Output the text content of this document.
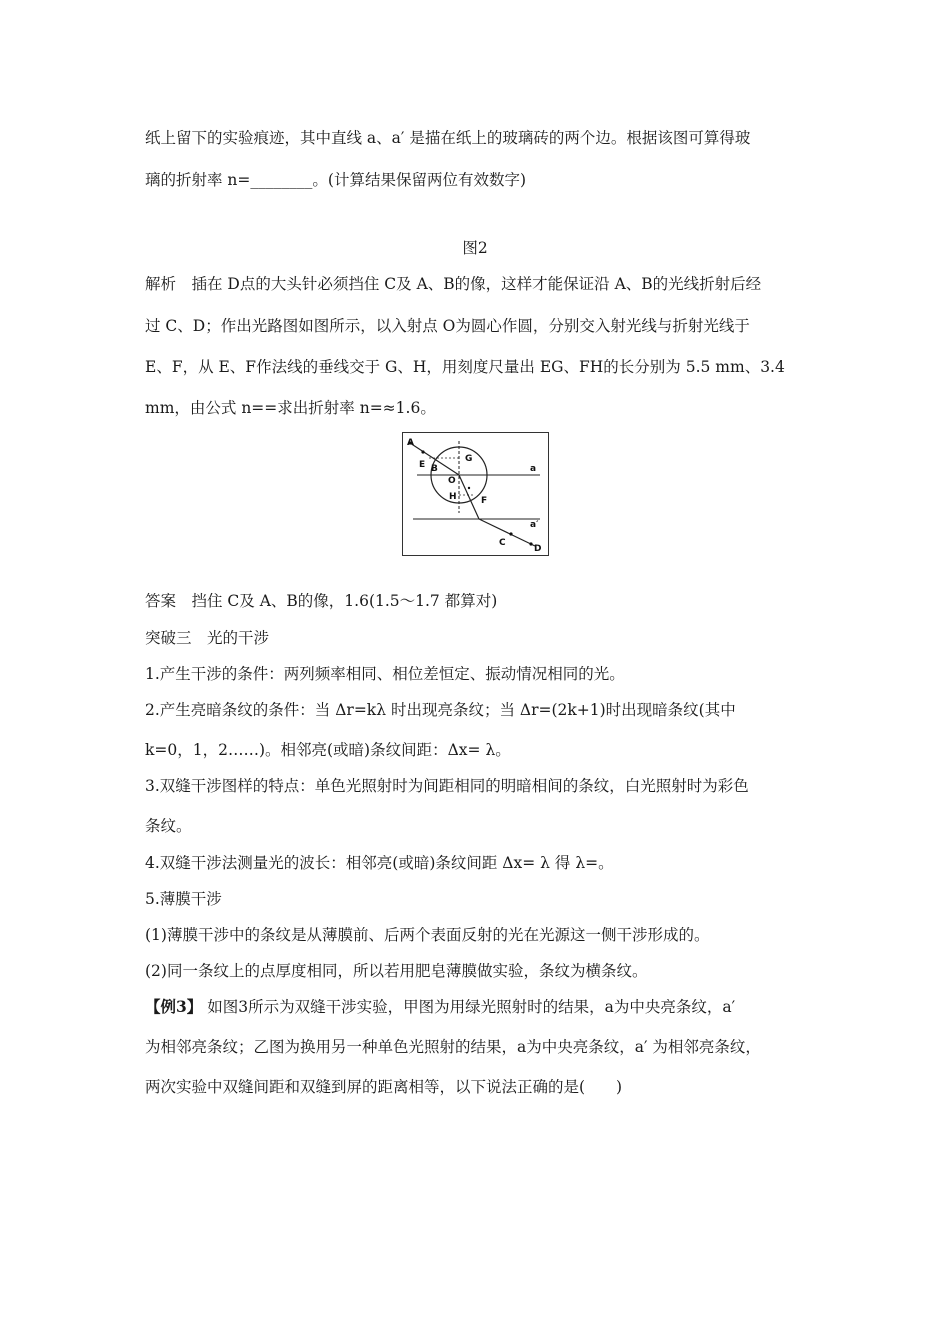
纸上留下的实验痕迹，其中直线 a、a′ 是描在纸上的玻璃砖的两个边。根据该图可算得玻
璃的折射率 n=________。(计算结果保留两位有效数字)
图2
解析　插在 D点的大头针必须挡住 C及 A、B的像，这样才能保证沿 A、B的光线折射后经
过 C、D；作出光路图如图所示，以入射点 O为圆心作圆，分别交入射光线与折射光线于
E、F，从 E、F作法线的垂线交于 G、H，用刻度尺量出 EG、FH的长分别为 5.5 mm、3.4
mm，由公式 n==求出折射率 n=≈1.6。
A
E B
G
O
H	F
a
a′
C
D
答案　挡住 C及 A、B的像，1.6(1.5～1.7 都算对)
突破三　光的干涉
1.产生干涉的条件：两列频率相同、相位差恒定、振动情况相同的光。
2.产生亮暗条纹的条件：当 Δr=kλ 时出现亮条纹；当 Δr=(2k+1)时出现暗条纹(其中
k=0，1，2……)。相邻亮(或暗)条纹间距：Δx= λ。
3.双缝干涉图样的特点：单色光照射时为间距相同的明暗相间的条纹，白光照射时为彩色
条纹。
4.双缝干涉法测量光的波长：相邻亮(或暗)条纹间距 Δx= λ 得 λ=。
5.薄膜干涉
(1)薄膜干涉中的条纹是从薄膜前、后两个表面反射的光在光源这一侧干涉形成的。
(2)同一条纹上的点厚度相同，所以若用肥皂薄膜做实验，条纹为横条纹。
【例3】 如图3所示为双缝干涉实验，甲图为用绿光照射时的结果，a为中央亮条纹，a′
为相邻亮条纹；乙图为换用另一种单色光照射的结果，a为中央亮条纹，a′ 为相邻亮条纹，
两次实验中双缝间距和双缝到屏的距离相等，以下说法正确的是(　　)
